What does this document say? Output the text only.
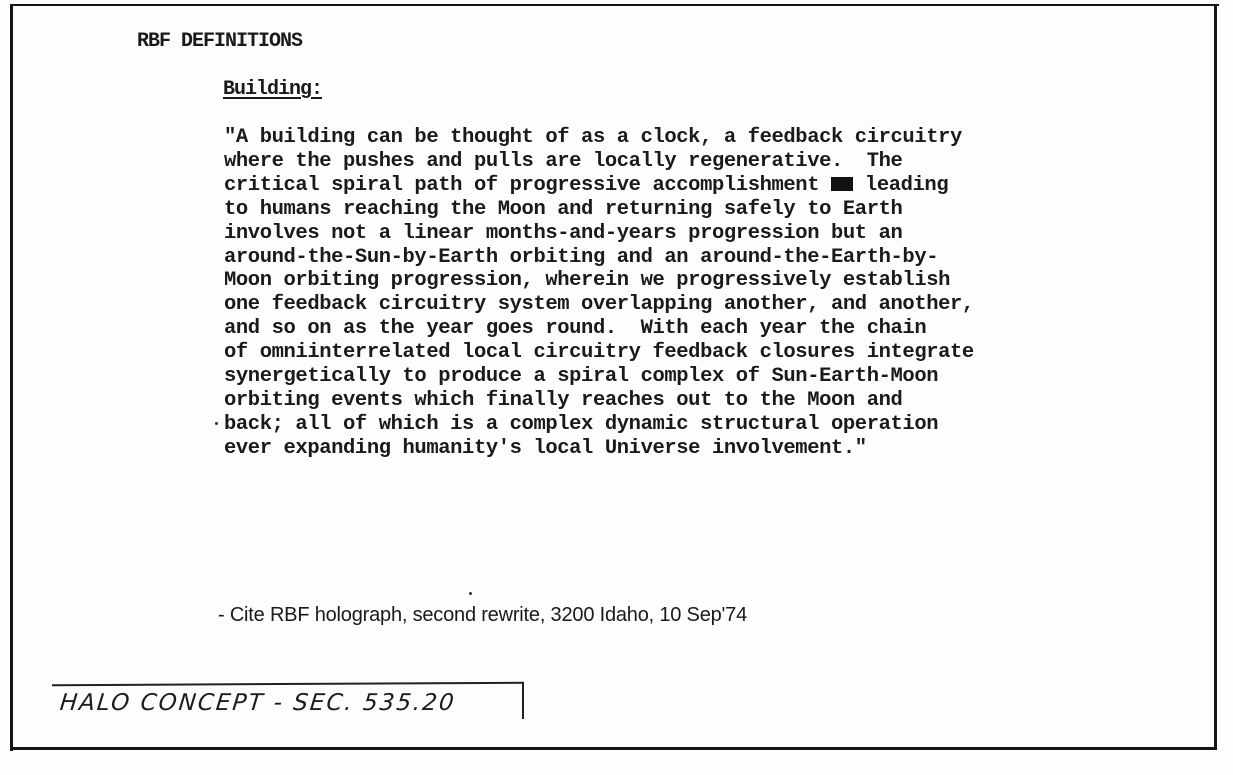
RBF DEFINITIONS

Building:

"A building can be thought of as a clock, a feedback circuitry
where the pushes and pulls are locally regenerative.  The
critical spiral path of progressive accomplishment leading
to humans reaching the Moon and returning safely to Earth
involves not a linear months-and-years progression but an
around-the-Sun-by-Earth orbiting and an around-the-Earth-by-
Moon orbiting progression, wherein we progressively establish
one feedback circuitry system overlapping another, and another,
and so on as the year goes round.  With each year the chain
of omniinterrelated local circuitry feedback closures integrate
synergetically to produce a spiral complex of Sun-Earth-Moon
orbiting events which finally reaches out to the Moon and
back; all of which is a complex dynamic structural operation
ever expanding humanity's local Universe involvement."

- Cite RBF holograph, second rewrite, 3200 Idaho, 10 Sep'74

HALO CONCEPT - SEC. 535.20
